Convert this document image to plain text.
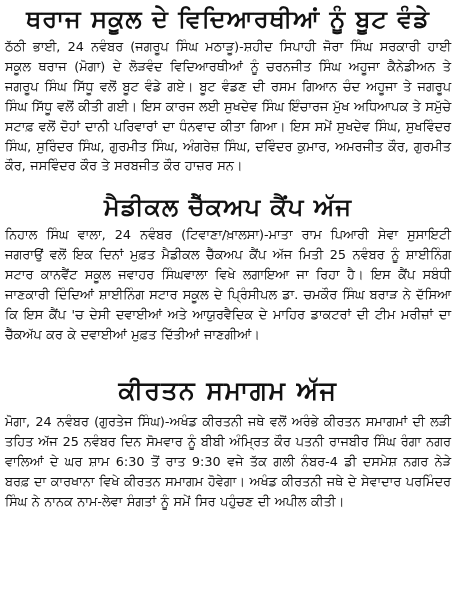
ਥਰਾਜ ਸਕੂਲ ਦੇ ਵਿਦਿਆਰਥੀਆਂ ਨੂੰ ਬੂਟ ਵੰਡੇ

ਠੱਠੀ ਭਾਈ, 24 ਨਵੰਬਰ (ਜਗਰੂਪ ਸਿੰਘ ਮਠਾੜੂ)-ਸ਼ਹੀਦ ਸਿਪਾਹੀ ਜੋਰਾ ਸਿੰਘ ਸਰਕਾਰੀ ਹਾਈ ਸਕੂਲ ਥਰਾਜ (ਮੋਗਾ) ਦੇ ਲੋੜਵੰਦ ਵਿਦਿਆਰਥੀਆਂ ਨੂੰ ਚਰਨਜੀਤ ਸਿੰਘ ਅਹੂਜਾ ਕੈਨੇਡੀਅਨ ਤੇ ਜਗਰੂਪ ਸਿੰਘ ਸਿੱਧੂ ਵਲੋਂ ਬੂਟ ਵੰਡੇ ਗਏ। ਬੂਟ ਵੰਡਣ ਦੀ ਰਸਮ ਗਿਆਨ ਚੰਦ ਅਹੂਜਾ ਤੇ ਜਗਰੂਪ ਸਿੰਘ ਸਿੱਧੂ ਵਲੋਂ ਕੀਤੀ ਗਈ। ਇਸ ਕਾਰਜ ਲਈ ਸੁਖਦੇਵ ਸਿੰਘ ਇੰਚਾਰਜ ਮੁੱਖ ਅਧਿਆਪਕ ਤੇ ਸਮੁੱਚੇ ਸਟਾਫ਼ ਵਲੋਂ ਦੋਹਾਂ ਦਾਨੀ ਪਰਿਵਾਰਾਂ ਦਾ ਧੰਨਵਾਦ ਕੀਤਾ ਗਿਆ। ਇਸ ਸਮੇਂ ਸੁਖਦੇਵ ਸਿੰਘ, ਸੁਖਵਿੰਦਰ ਸਿੰਘ, ਸੁਰਿੰਦਰ ਸਿੰਘ, ਗੁਰਮੀਤ ਸਿੰਘ, ਅੰਗਰੇਜ਼ ਸਿੰਘ, ਦਵਿੰਦਰ ਕੁਮਾਰ, ਅਮਰਜੀਤ ਕੌਰ, ਗੁਰਮੀਤ ਕੌਰ, ਜਸਵਿੰਦਰ ਕੌਰ ਤੇ ਸਰਬਜੀਤ ਕੌਰ ਹਾਜ਼ਰ ਸਨ।

ਮੈਡੀਕਲ ਚੈੱਕਅਪ ਕੈਂਪ ਅੱਜ

ਨਿਹਾਲ ਸਿੰਘ ਵਾਲਾ, 24 ਨਵੰਬਰ (ਟਿਵਾਣਾ/ਖ਼ਾਲਸਾ)-ਮਾਤਾ ਰਾਮ ਪਿਆਰੀ ਸੇਵਾ ਸੁਸਾਇਟੀ ਜਗਰਾਉਂ ਵਲੋਂ ਇਕ ਦਿਨਾਂ ਮੁਫ਼ਤ ਮੈਡੀਕਲ ਚੈੱਕਅਪ ਕੈਂਪ ਅੱਜ ਮਿਤੀ 25 ਨਵੰਬਰ ਨੂੰ ਸ਼ਾਈਨਿੰਗ ਸਟਾਰ ਕਾਨਵੈਂਟ ਸਕੂਲ ਜਵਾਹਰ ਸਿੰਘਵਾਲਾ ਵਿਖੇ ਲਗਾਇਆ ਜਾ ਰਿਹਾ ਹੈ। ਇਸ ਕੈਂਪ ਸਬੰਧੀ ਜਾਣਕਾਰੀ ਦਿੰਦਿਆਂ ਸ਼ਾਈਨਿੰਗ ਸਟਾਰ ਸਕੂਲ ਦੇ ਪ੍ਰਿੰਸੀਪਲ ਡਾ. ਚਮਕੌਰ ਸਿੰਘ ਬਰਾੜ ਨੇ ਦੱਸਿਆ ਕਿ ਇਸ ਕੈਂਪ 'ਚ ਦੇਸੀ ਦਵਾਈਆਂ ਅਤੇ ਆਯੁਰਵੈਦਿਕ ਦੇ ਮਾਹਿਰ ਡਾਕਟਰਾਂ ਦੀ ਟੀਮ ਮਰੀਜ਼ਾਂ ਦਾ ਚੈੱਕਅੱਪ ਕਰ ਕੇ ਦਵਾਈਆਂ ਮੁਫ਼ਤ ਦਿੱਤੀਆਂ ਜਾਣਗੀਆਂ।

ਕੀਰਤਨ ਸਮਾਗਮ ਅੱਜ

ਮੋਗਾ, 24 ਨਵੰਬਰ (ਗੁਰਤੇਜ ਸਿੰਘ)-ਅਖੰਡ ਕੀਰਤਨੀ ਜਥੇ ਵਲੋਂ ਅਰੰਭੇ ਕੀਰਤਨ ਸਮਾਗਮਾਂ ਦੀ ਲੜੀ ਤਹਿਤ ਅੱਜ 25 ਨਵੰਬਰ ਦਿਨ ਸੋਮਵਾਰ ਨੂੰ ਬੀਬੀ ਅੰਮ੍ਰਿਤ ਕੌਰ ਪਤਨੀ ਰਾਜਬੀਰ ਸਿੰਘ ਰੰਗਾ ਨਗਰ ਵਾਲਿਆਂ ਦੇ ਘਰ ਸ਼ਾਮ 6:30 ਤੋਂ ਰਾਤ 9:30 ਵਜੇ ਤੱਕ ਗਲੀ ਨੰਬਰ-4 ਡੀ ਦਸਮੇਸ਼ ਨਗਰ ਨੇੜੇ ਬਰਫ਼ ਦਾ ਕਾਰਖਾਨਾ ਵਿਖੇ ਕੀਰਤਨ ਸਮਾਗਮ ਹੋਵੇਗਾ। ਅਖੰਡ ਕੀਰਤਨੀ ਜਥੇ ਦੇ ਸੇਵਾਦਾਰ ਪਰਮਿੰਦਰ ਸਿੰਘ ਨੇ ਨਾਨਕ ਨਾਮ-ਲੇਵਾ ਸੰਗਤਾਂ ਨੂੰ ਸਮੇਂ ਸਿਰ ਪਹੁੰਚਣ ਦੀ ਅਪੀਲ ਕੀਤੀ।
